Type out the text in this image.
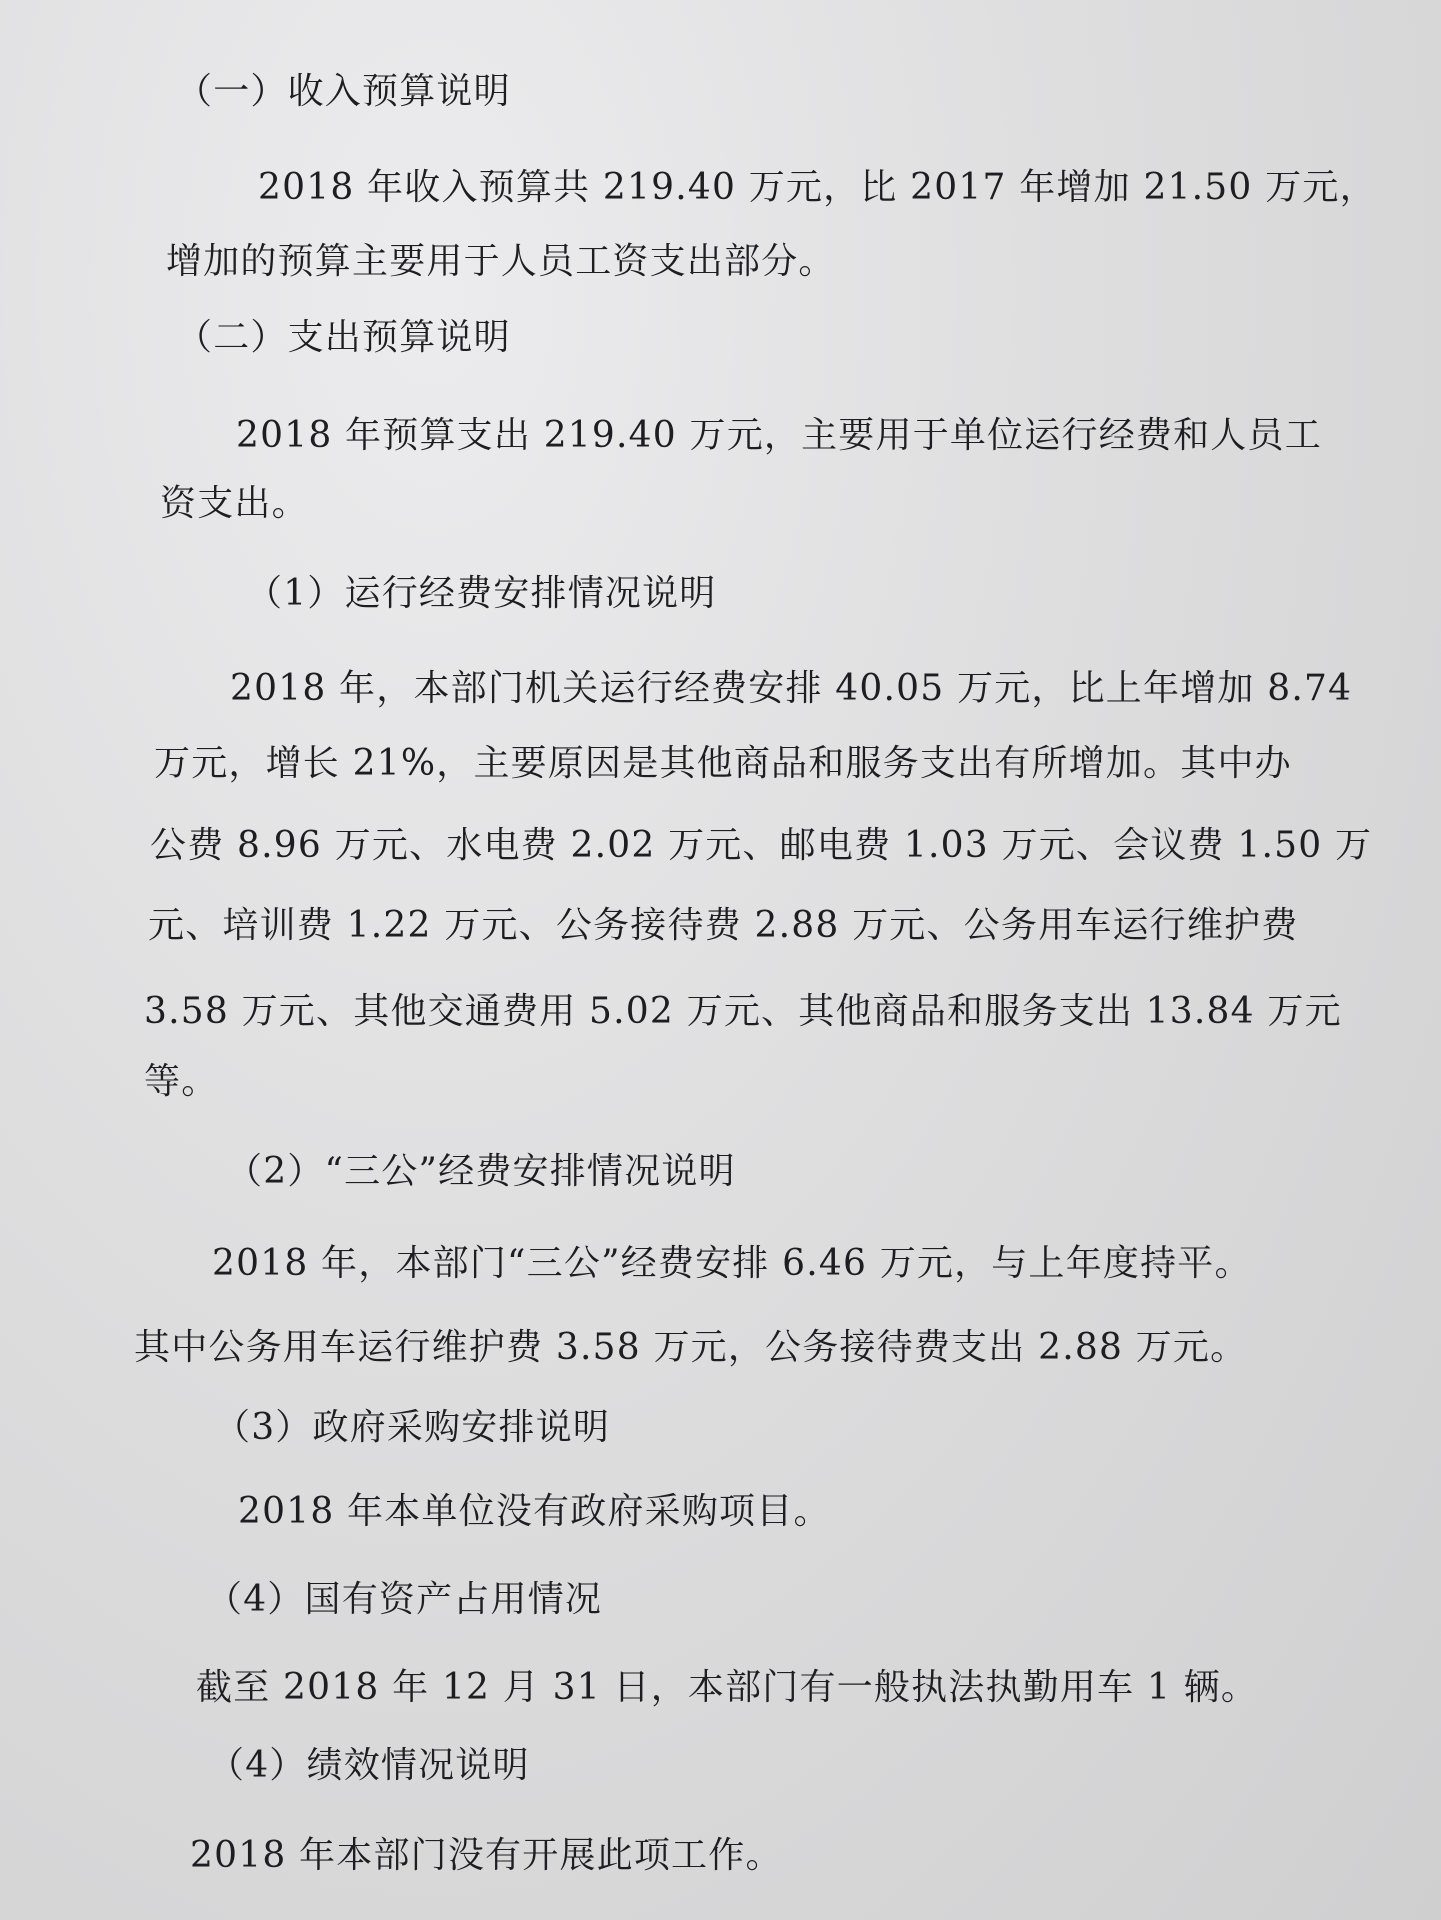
（一）收入预算说明
2018 年收入预算共 219.40 万元，比 2017 年增加 21.50 万元，
增加的预算主要用于人员工资支出部分。
（二）支出预算说明
2018 年预算支出 219.40 万元，主要用于单位运行经费和人员工
资支出。
（1）运行经费安排情况说明
2018 年，本部门机关运行经费安排 40.05 万元，比上年增加 8.74
万元，增长 21%，主要原因是其他商品和服务支出有所增加。其中办
公费 8.96 万元、水电费 2.02 万元、邮电费 1.03 万元、会议费 1.50 万
元、培训费 1.22 万元、公务接待费 2.88 万元、公务用车运行维护费
3.58 万元、其他交通费用 5.02 万元、其他商品和服务支出 13.84 万元
等。
（2）“三公”经费安排情况说明
2018 年，本部门“三公”经费安排 6.46 万元，与上年度持平。
其中公务用车运行维护费 3.58 万元，公务接待费支出 2.88 万元。
（3）政府采购安排说明
2018 年本单位没有政府采购项目。
（4）国有资产占用情况
截至 2018 年 12 月 31 日，本部门有一般执法执勤用车 1 辆。
（4）绩效情况说明
2018 年本部门没有开展此项工作。
